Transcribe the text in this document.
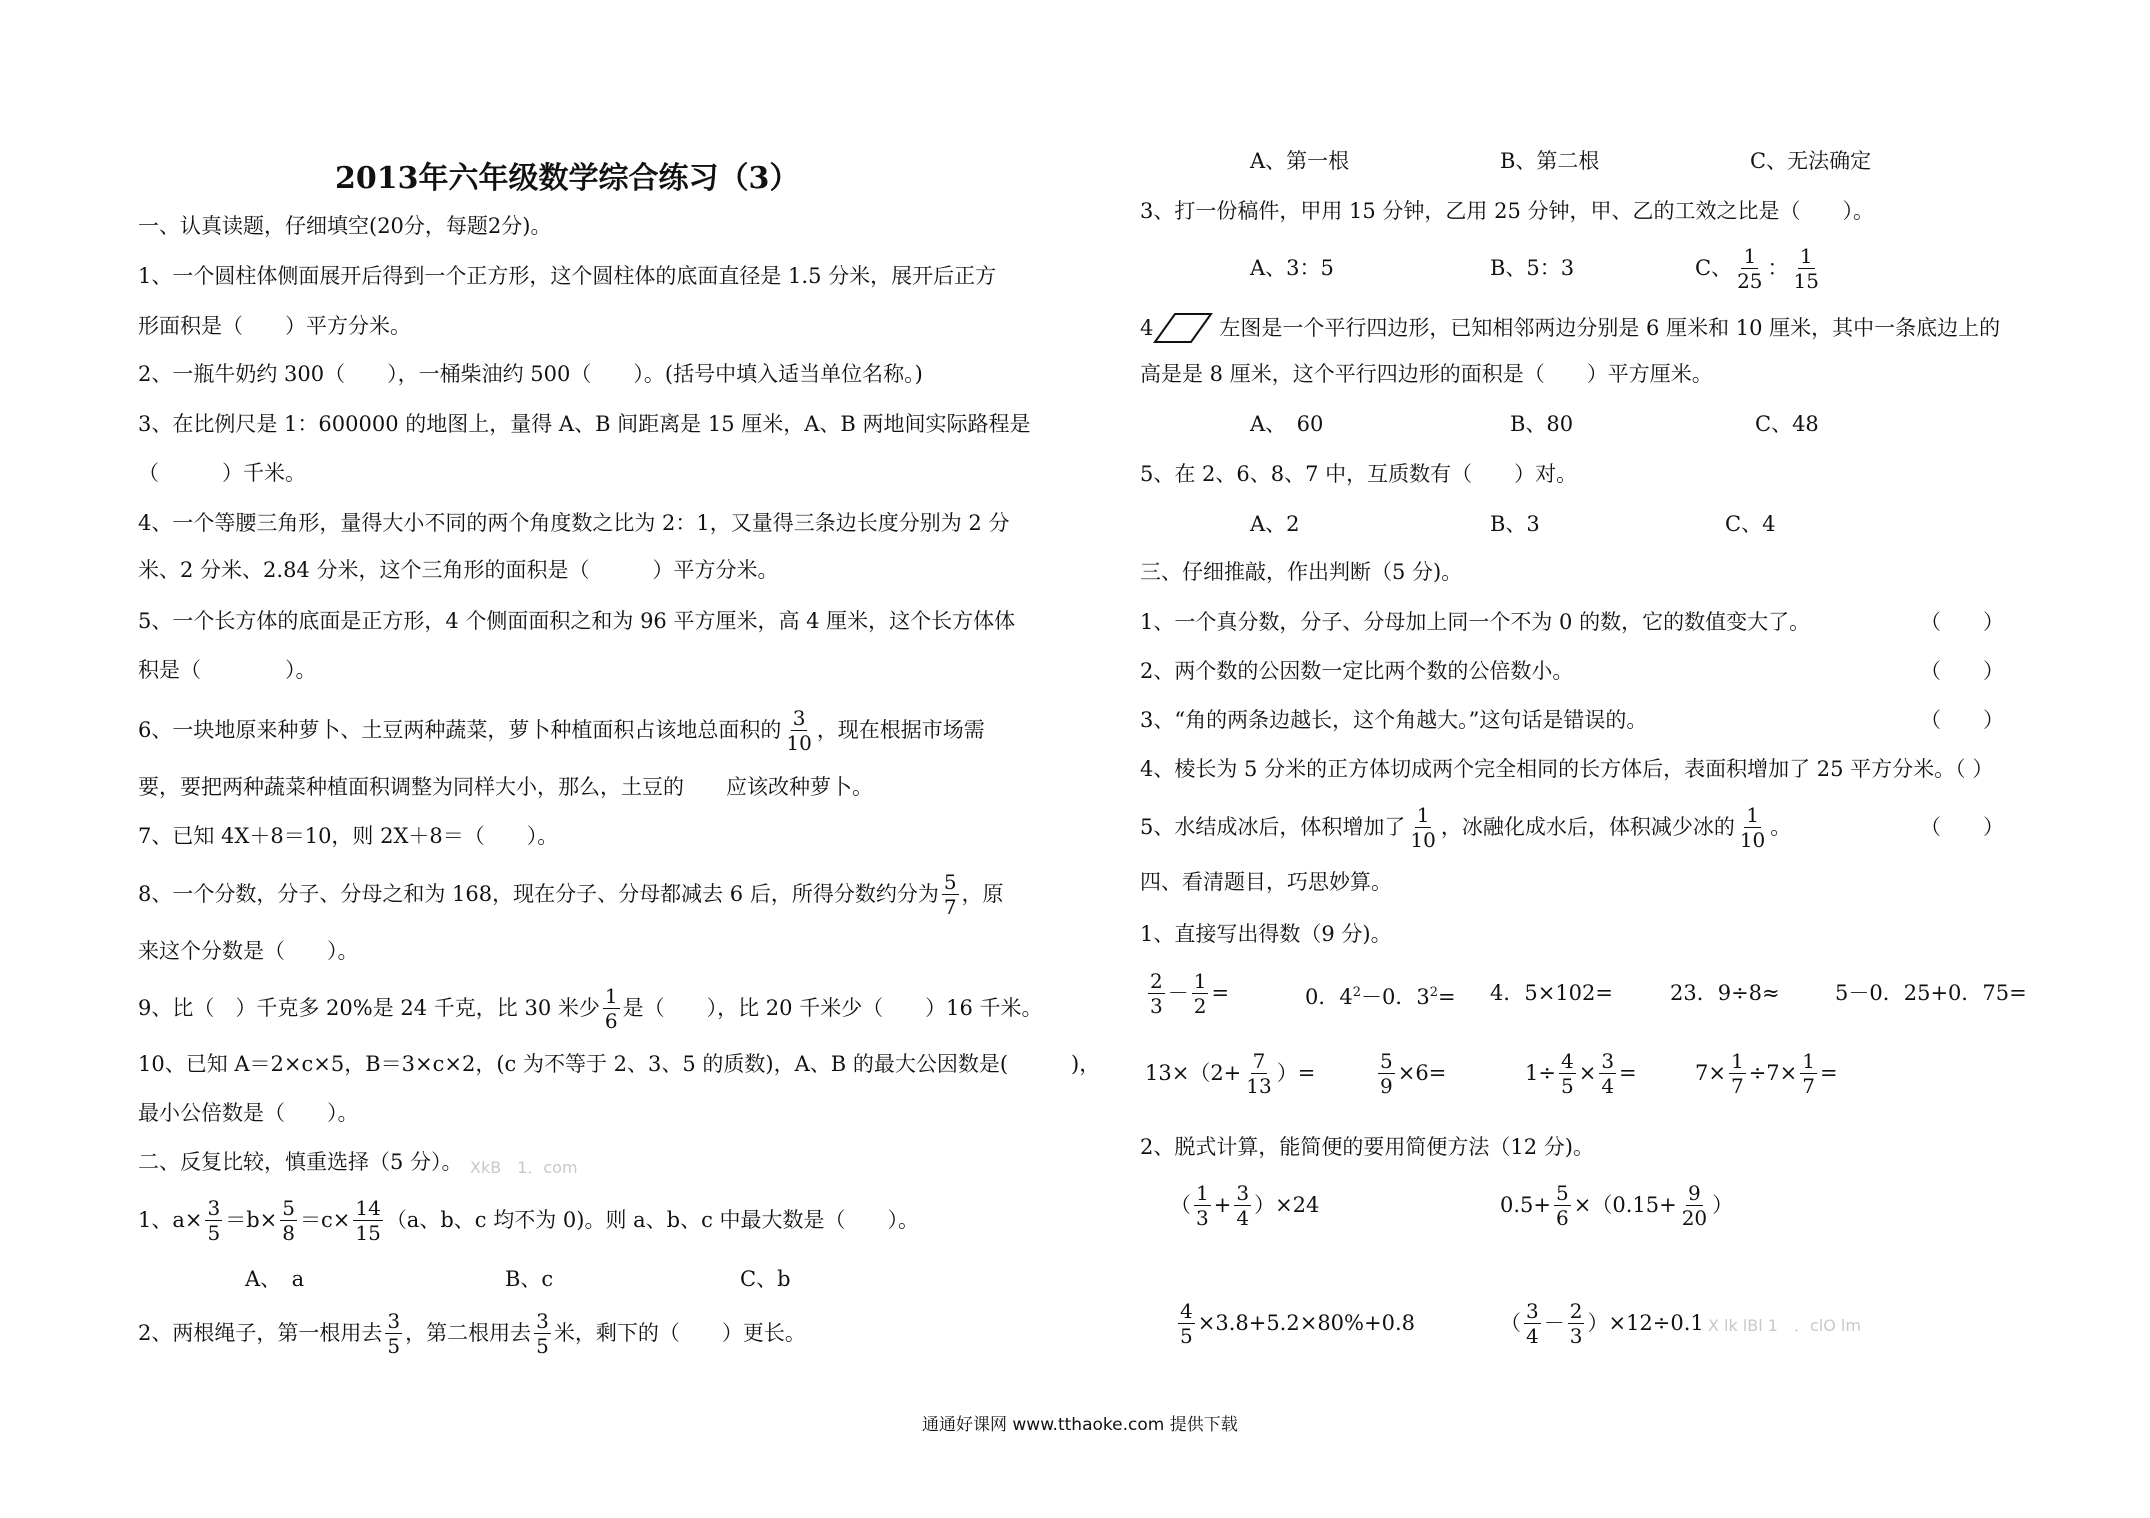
2013年六年级数学综合练习（3）
一、认真读题，仔细填空(20分，每题2分)。
1、一个圆柱体侧面展开后得到一个正方形，这个圆柱体的底面直径是 1.5 分米，展开后正方
形面积是（　　）平方分米。
2、一瓶牛奶约 300（　　），一桶柴油约 500（　　）。(括号中填入适当单位名称。)
3、在比例尺是 1：600000 的地图上，量得 A、B 间距离是 15 厘米，A、B 两地间实际路程是
（　　　）千米。
4、一个等腰三角形，量得大小不同的两个角度数之比为 2：1，又量得三条边长度分别为 2 分
米、2 分米、2.84 分米，这个三角形的面积是（　　　）平方分米。
5、一个长方体的底面是正方形，4 个侧面面积之和为 96 平方厘米，高 4 厘米，这个长方体体
积是（　　　　）。
6、一块地原来种萝卜、土豆两种蔬菜，萝卜种植面积占该地总面积的 $\frac{3}{10}$ ，现在根据市场需
要，要把两种蔬菜种植面积调整为同样大小，那么，土豆的　　应该改种萝卜。
7、已知 4X＋8＝10，则 2X＋8＝（　　）。
8、一个分数，分子、分母之和为 168，现在分子、分母都减去 6 后，所得分数约分为 $\frac{5}{7}$ ，原
来这个分数是（　　）。
9、比（　）千克多 20%是 24 千克，比 30 米少 $\frac{1}{6}$ 是（　　），比 20 千米少（　　）16 千米。
10、已知 A＝2×c×5，B＝3×c×2，(c 为不等于 2、3、5 的质数)，A、B 的最大公因数是(　　　)，
最小公倍数是（　　）。
二、反复比较，慎重选择（5 分）。 XkB　1．com
1、$a\times \frac{3}{5} =b\times \frac{5}{8} =c\times \frac{14}{15} (a$、b、c 均不为 0)。则 a、b、c 中最大数是（　　）。
A、　a	B、c	C、b
2、两根绳子，第一根用去 $\frac{3}{5}$ ，第二根用去 $\frac{3}{5}$ 米，剩下的（　　）更长。
A、第一根	B、第二根	C、无法确定
3、打一份稿件，甲用 15 分钟，乙用 25 分钟，甲、乙的工效之比是（　　）。
A、3：5	B、5：3	C、 $\frac{1}{25}$ ： $\frac{1}{15}$
4	左图是一个平行四边形，已知相邻两边分别是 6 厘米和 10 厘米，其中一条底边上的
高是是 8 厘米，这个平行四边形的面积是（　　）平方厘米。
A、　60	B、80	C、48
5、在 2、6、8、7 中，互质数有（　　）对。
A、2	B、3	C、4
三、仔细推敲，作出判断（5 分)。
1、一个真分数，分子、分母加上同一个不为 0 的数，它的数值变大了。	（　　）
2、两个数的公因数一定比两个数的公倍数小。	（　　）
3、“角的两条边越长，这个角越大。”这句话是错误的。	（　　）
4、棱长为 5 分米的正方体切成两个完全相同的长方体后，表面积增加了 25 平方分米。（ ）
5、水结成冰后，体积增加了 $\frac{1}{10}$ ，冰融化成水后，体积减少冰的 $\frac{1}{10}$ 。	（　　）
四、看清题目，巧思妙算。
1、直接写出得数（9 分)。
$\frac{2}{3} - \frac{1}{2}$ =	0．$4^2-0$．$3^2= 4$．5×102=	23．9÷8≈	5－0．25+0．75=
$13\times(2+ \frac{7}{13}$ ）=	$\frac{5}{9} \times 6=$	$1\div \frac{4}{5} \times \frac{3}{4}$ =	$7\times \frac{1}{7} \div 7\times \frac{1}{7}$ =
2、脱式计算，能简便的要用简便方法（12 分)。
（ $\frac{1}{3} + \frac{3}{4} )\times 24$	$0.5+ \frac{5}{6} \times(0.15+ \frac{9}{20}$ ）
$\frac{4}{5} \times 3.8+5.2\times 80\%+0.8$	（ $\frac{3}{4} - \frac{2}{3} )\times 12\div 0.1$ X lk lBl 1　．clO lm
通通好课网 www.tthaoke.com 提供下载
